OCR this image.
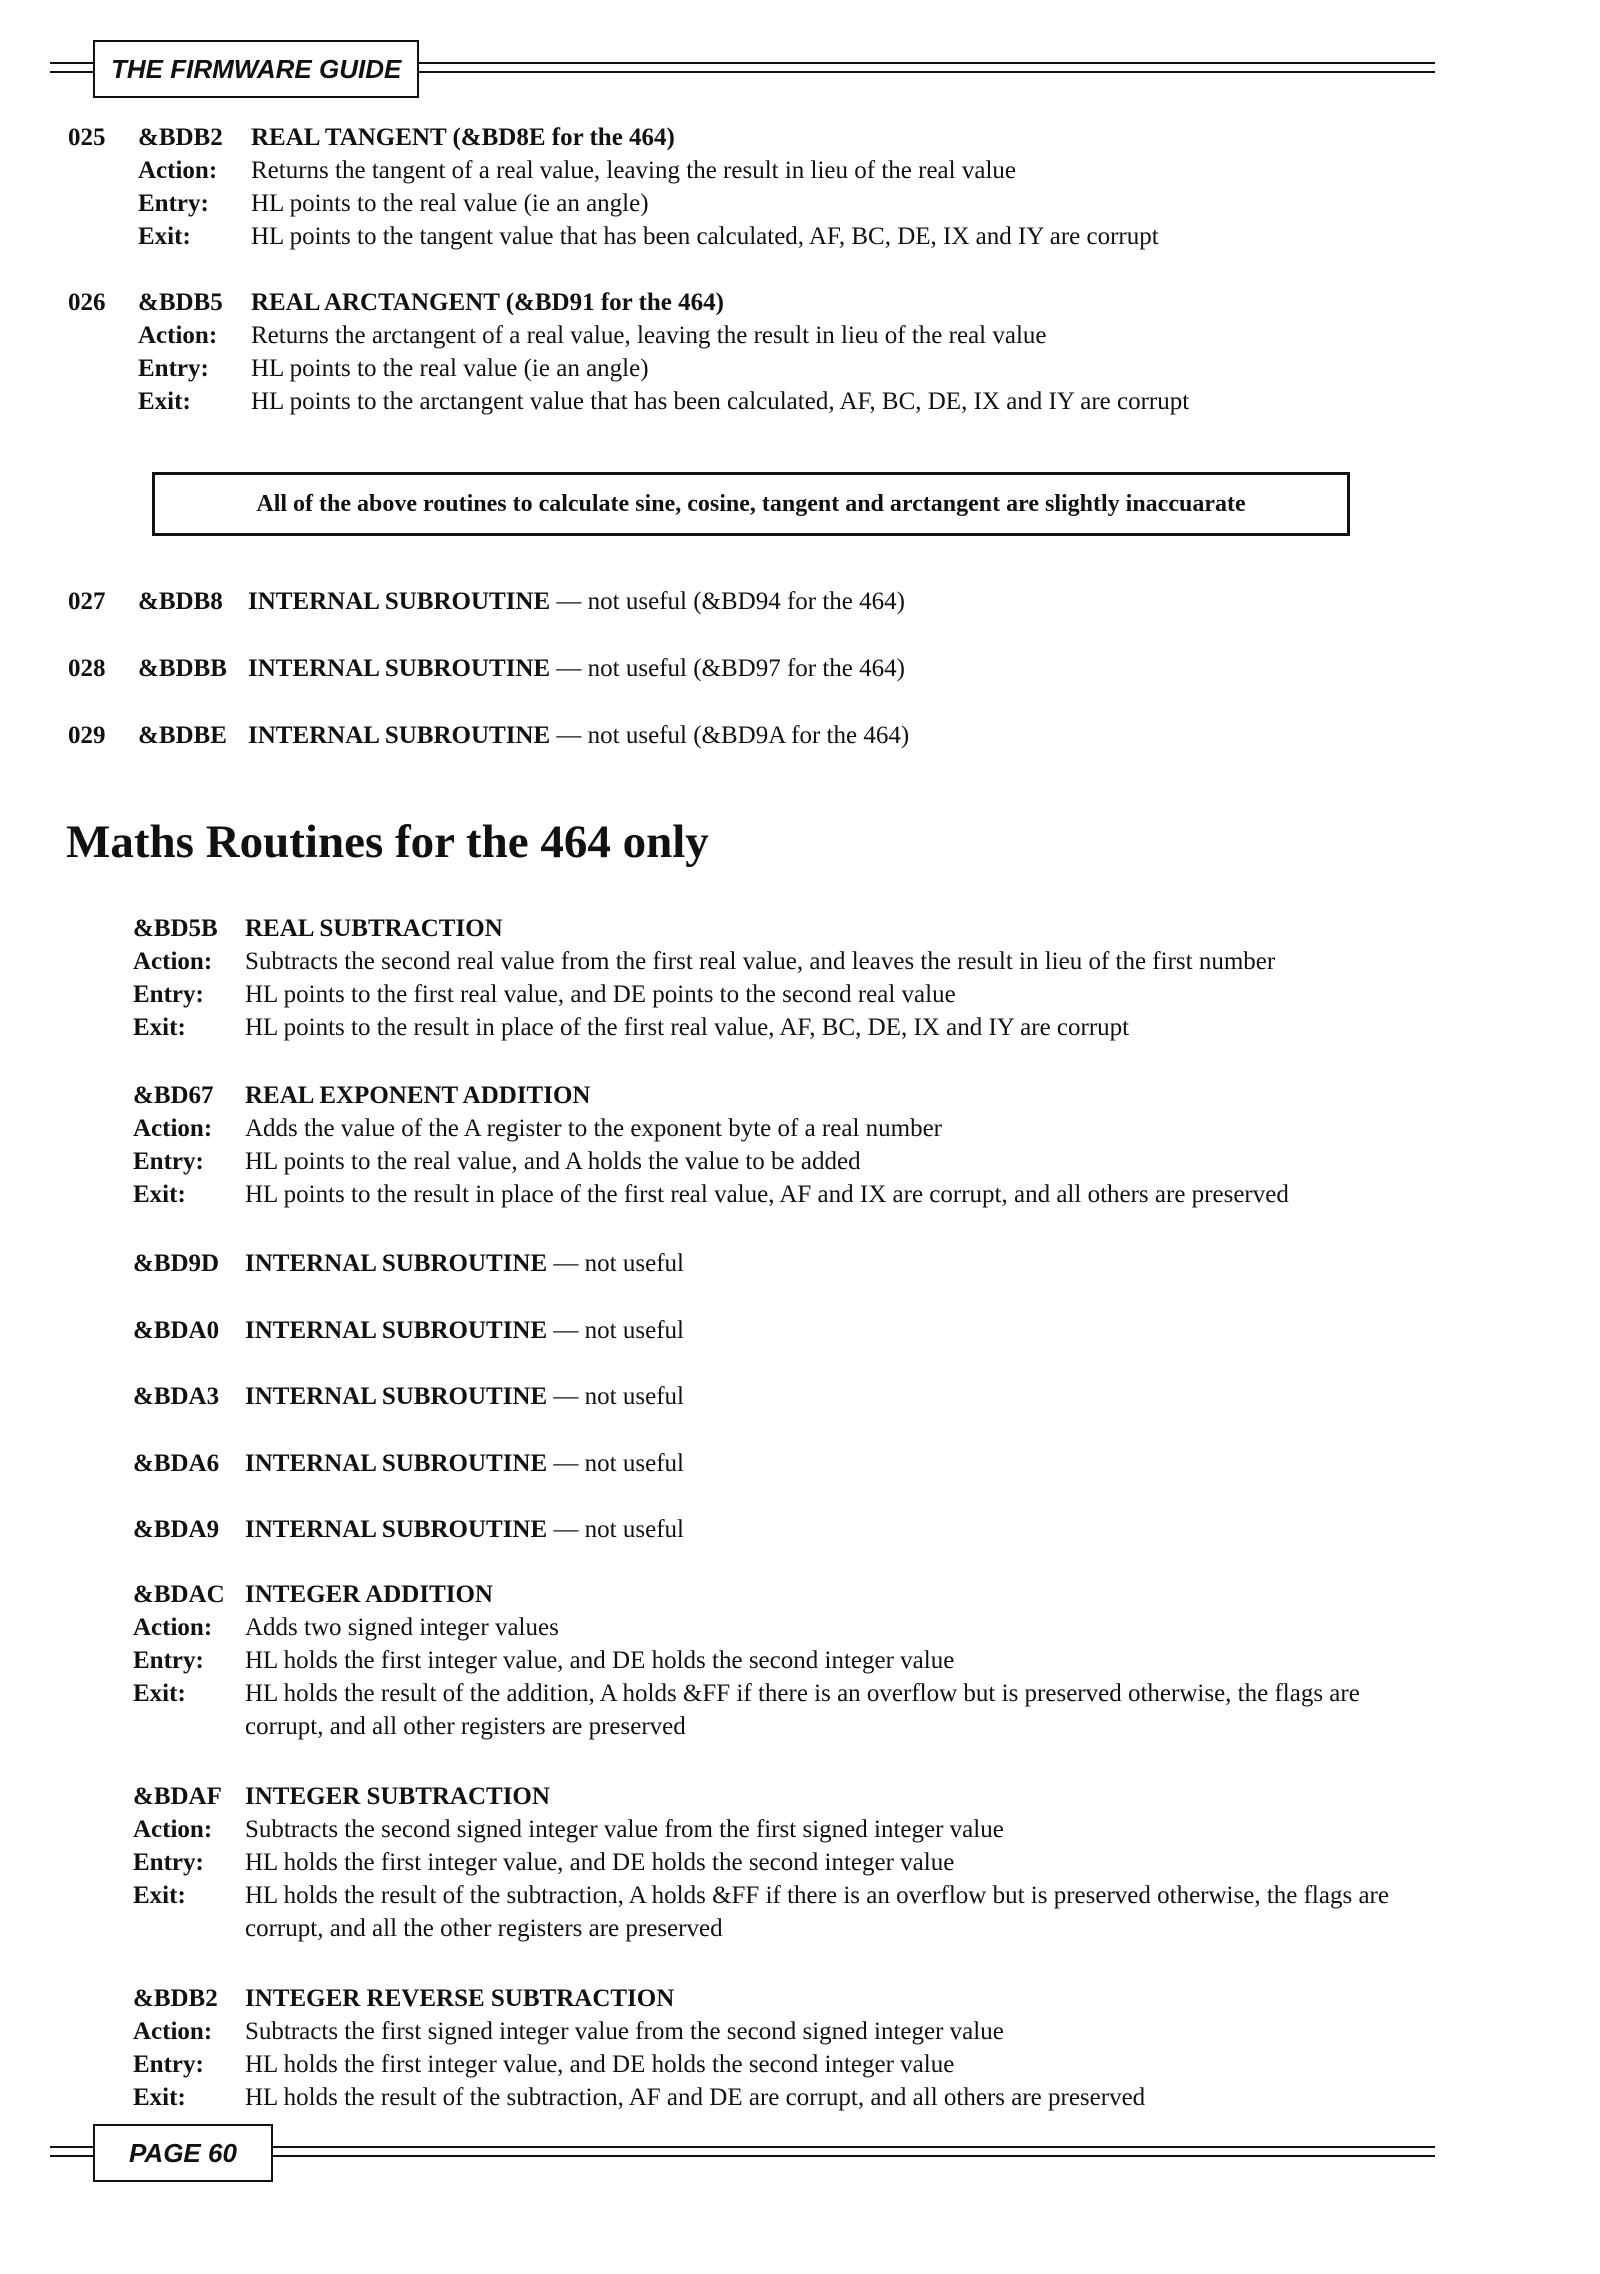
THE FIRMWARE GUIDE
025 &BDB2 REAL TANGENT (&BD8E for the 464)
Action: Returns the tangent of a real value, leaving the result in lieu of the real value
Entry: HL points to the real value (ie an angle)
Exit: HL points to the tangent value that has been calculated, AF, BC, DE, IX and IY are corrupt
026 &BDB5 REAL ARCTANGENT (&BD91 for the 464)
Action: Returns the arctangent of a real value, leaving the result in lieu of the real value
Entry: HL points to the real value (ie an angle)
Exit: HL points to the arctangent value that has been calculated, AF, BC, DE, IX and IY are corrupt
All of the above routines to calculate sine, cosine, tangent and arctangent are slightly inaccuarate
027 &BDB8 INTERNAL SUBROUTINE — not useful (&BD94 for the 464)
028 &BDBB INTERNAL SUBROUTINE — not useful (&BD97 for the 464)
029 &BDBE INTERNAL SUBROUTINE — not useful (&BD9A for the 464)
Maths Routines for the 464 only
&BD5B REAL SUBTRACTION
Action: Subtracts the second real value from the first real value, and leaves the result in lieu of the first number
Entry: HL points to the first real value, and DE points to the second real value
Exit: HL points to the result in place of the first real value, AF, BC, DE, IX and IY are corrupt
&BD67 REAL EXPONENT ADDITION
Action: Adds the value of the A register to the exponent byte of a real number
Entry: HL points to the real value, and A holds the value to be added
Exit: HL points to the result in place of the first real value, AF and IX are corrupt, and all others are preserved
&BD9D INTERNAL SUBROUTINE — not useful
&BDA0 INTERNAL SUBROUTINE — not useful
&BDA3 INTERNAL SUBROUTINE — not useful
&BDA6 INTERNAL SUBROUTINE — not useful
&BDA9 INTERNAL SUBROUTINE — not useful
&BDAC INTEGER ADDITION
Action: Adds two signed integer values
Entry: HL holds the first integer value, and DE holds the second integer value
Exit: HL holds the result of the addition, A holds &FF if there is an overflow but is preserved otherwise, the flags are corrupt, and all other registers are preserved
&BDAF INTEGER SUBTRACTION
Action: Subtracts the second signed integer value from the first signed integer value
Entry: HL holds the first integer value, and DE holds the second integer value
Exit: HL holds the result of the subtraction, A holds &FF if there is an overflow but is preserved otherwise, the flags are corrupt, and all the other registers are preserved
&BDB2 INTEGER REVERSE SUBTRACTION
Action: Subtracts the first signed integer value from the second signed integer value
Entry: HL holds the first integer value, and DE holds the second integer value
Exit: HL holds the result of the subtraction, AF and DE are corrupt, and all others are preserved
PAGE 60
